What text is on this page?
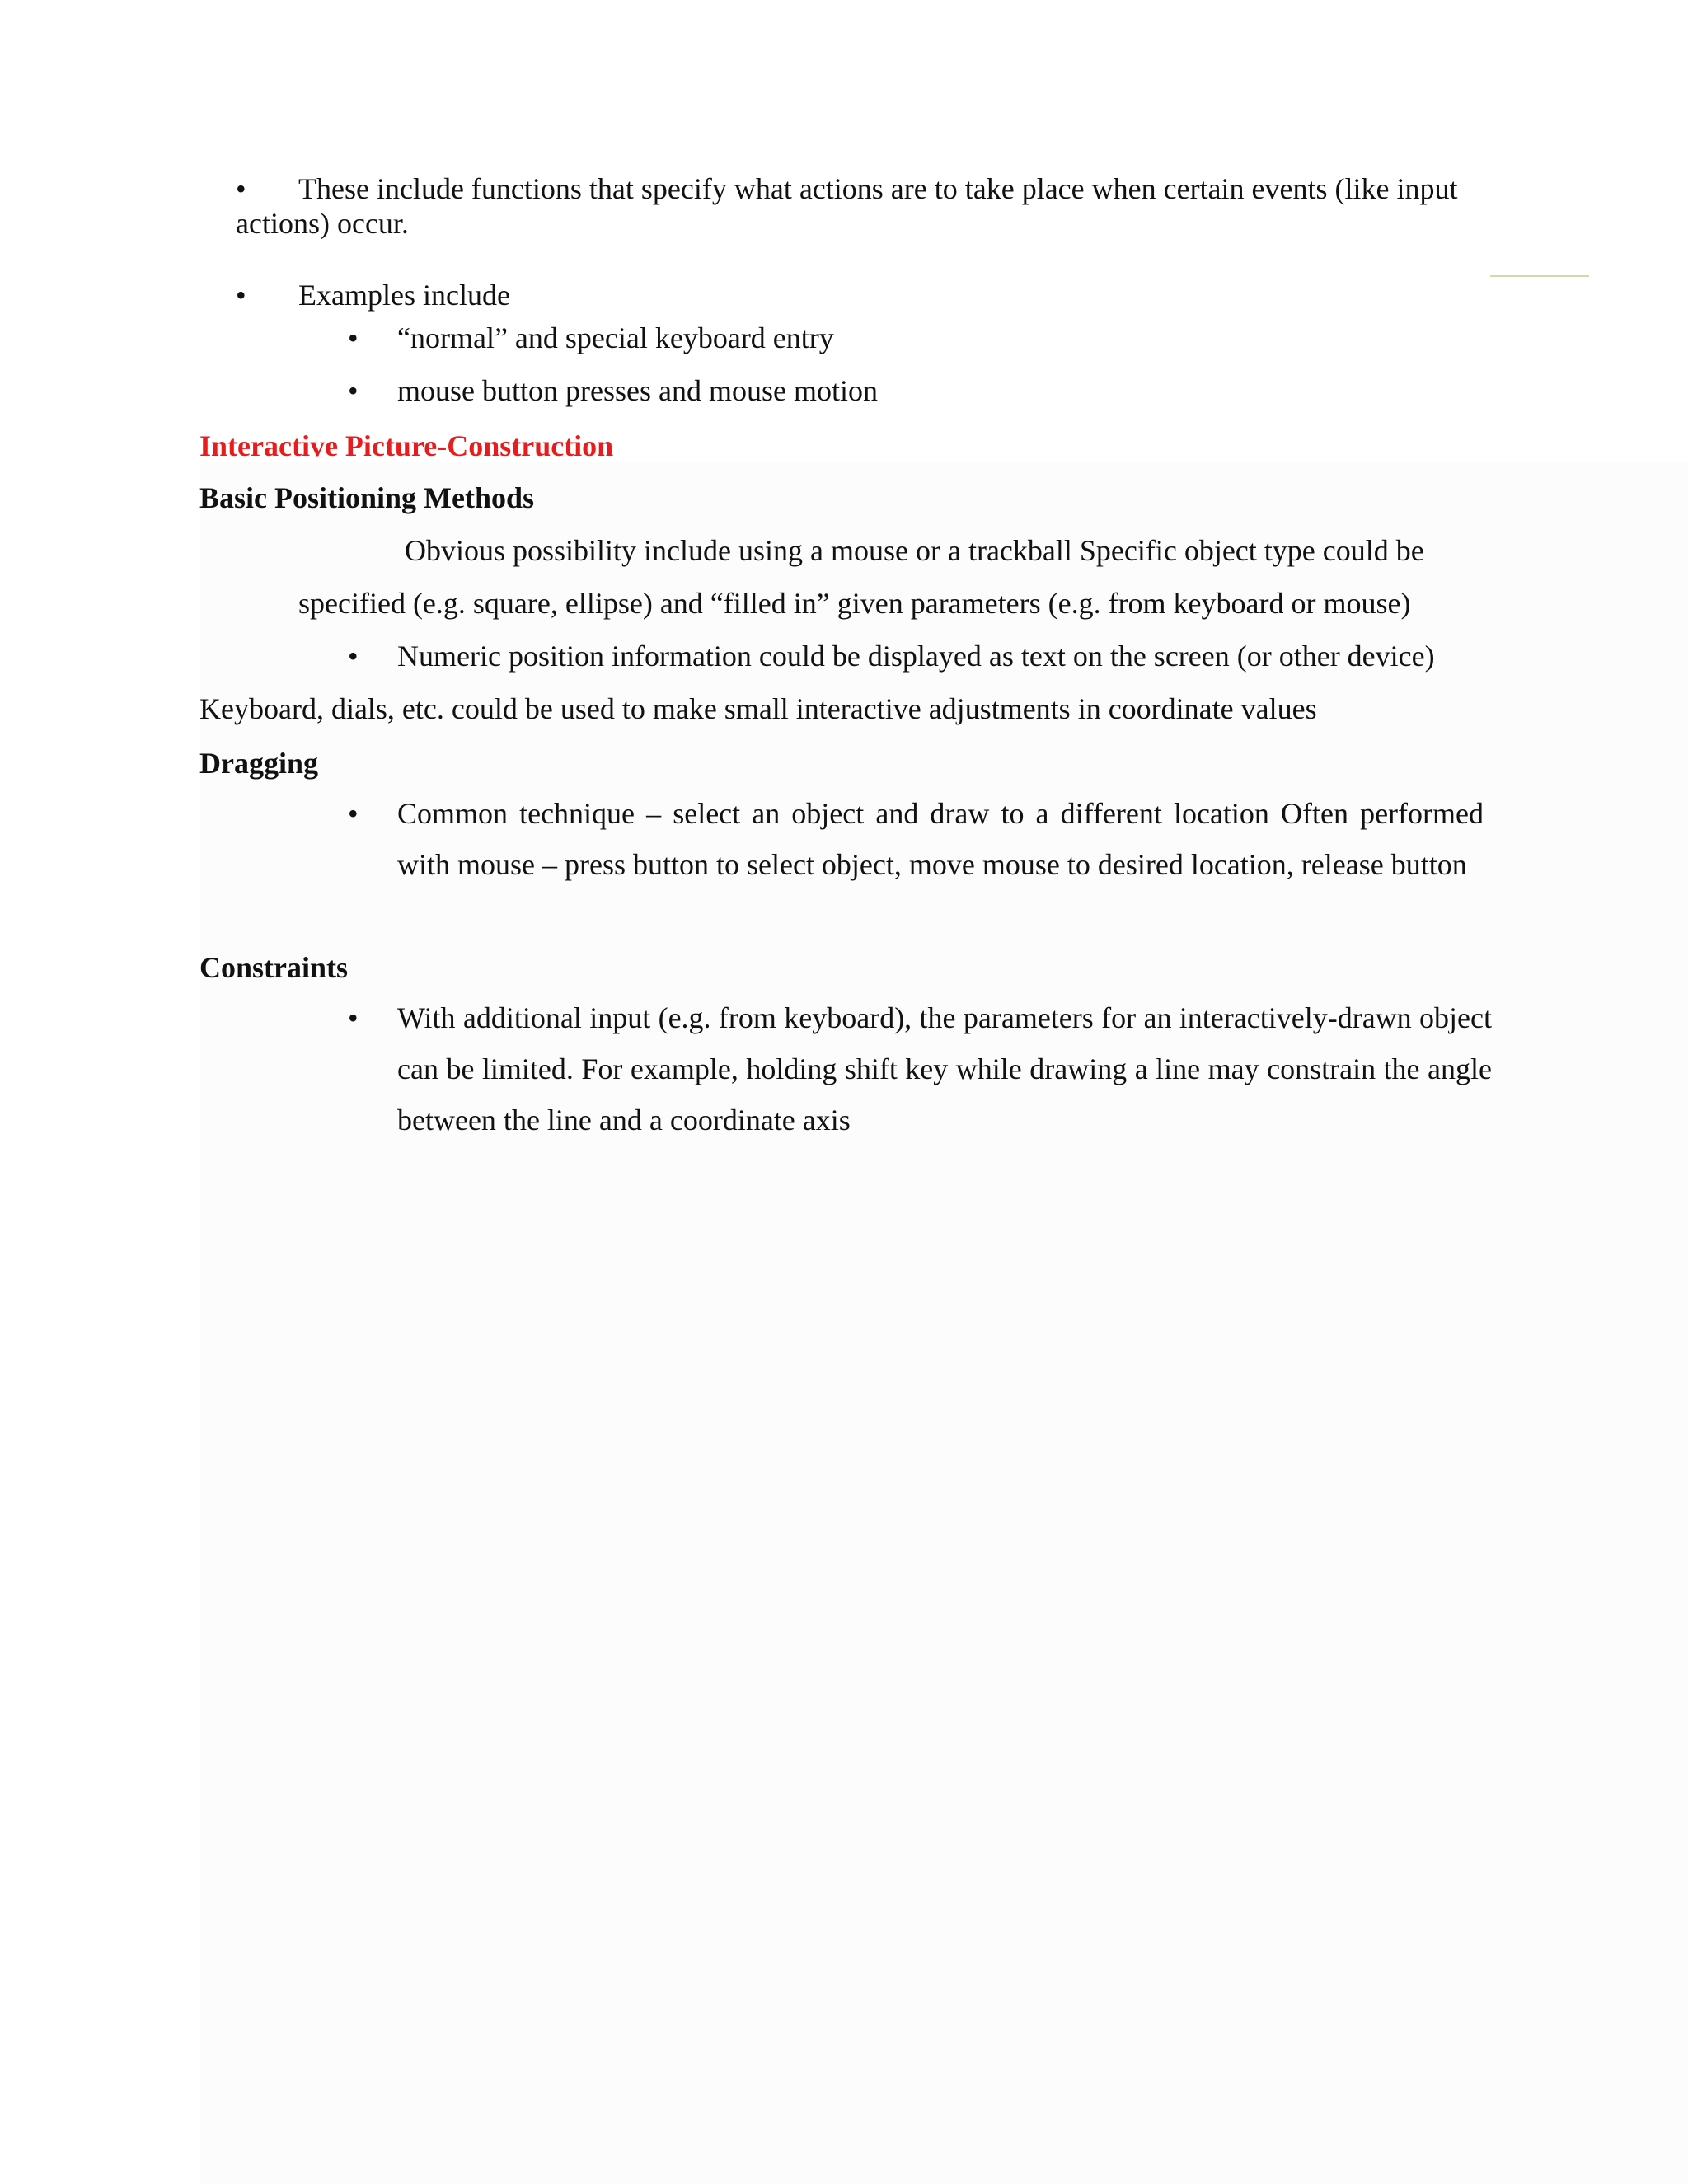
• These include functions that specify what actions are to take place when certain events (like input

actions) occur.

• Examples include

• “normal” and special keyboard entry

• mouse button presses and mouse motion

Interactive Picture-Construction

Basic Positioning Methods

Obvious possibility include using a mouse or a trackball Specific object type could be

specified (e.g. square, ellipse) and “filled in” given parameters (e.g. from keyboard or mouse)

• Numeric position information could be displayed as text on the screen (or other device)

Keyboard, dials, etc. could be used to make small interactive adjustments in coordinate values

Dragging

• Common technique – select an object and draw to a different location Often performed with mouse – press button to select object, move mouse to desired location, release button

Constraints

• With additional input (e.g. from keyboard), the parameters for an interactively-drawn object can be limited. For example, holding shift key while drawing a line may constrain the angle between the line and a coordinate axis
